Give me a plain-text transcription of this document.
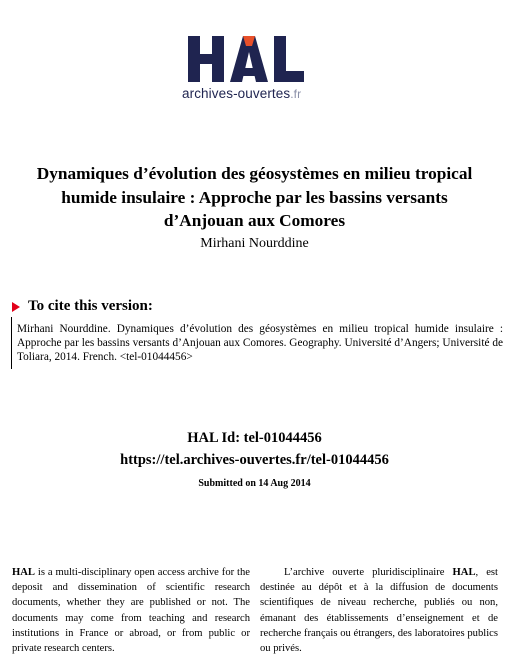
archives-ouvertes.fr
Dynamiques d’évolution des géosystèmes en milieu tropical humide insulaire : Approche par les bassins versants d’Anjouan aux Comores
Mirhani Nourddine
To cite this version:
Mirhani Nourddine. Dynamiques d’évolution des géosystèmes en milieu tropical humide insulaire : Approche par les bassins versants d’Anjouan aux Comores. Geography. Université d’Angers; Université de Toliara, 2014. French. <tel-01044456>
HAL Id: tel-01044456
https://tel.archives-ouvertes.fr/tel-01044456
Submitted on 14 Aug 2014
HAL is a multi-disciplinary open access archive for the deposit and dissemination of scientific research documents, whether they are published or not. The documents may come from teaching and research institutions in France or abroad, or from public or private research centers.
L’archive ouverte pluridisciplinaire HAL, est destinée au dépôt et à la diffusion de documents scientifiques de niveau recherche, publiés ou non, émanant des établissements d’enseignement et de recherche français ou étrangers, des laboratoires publics ou privés.
